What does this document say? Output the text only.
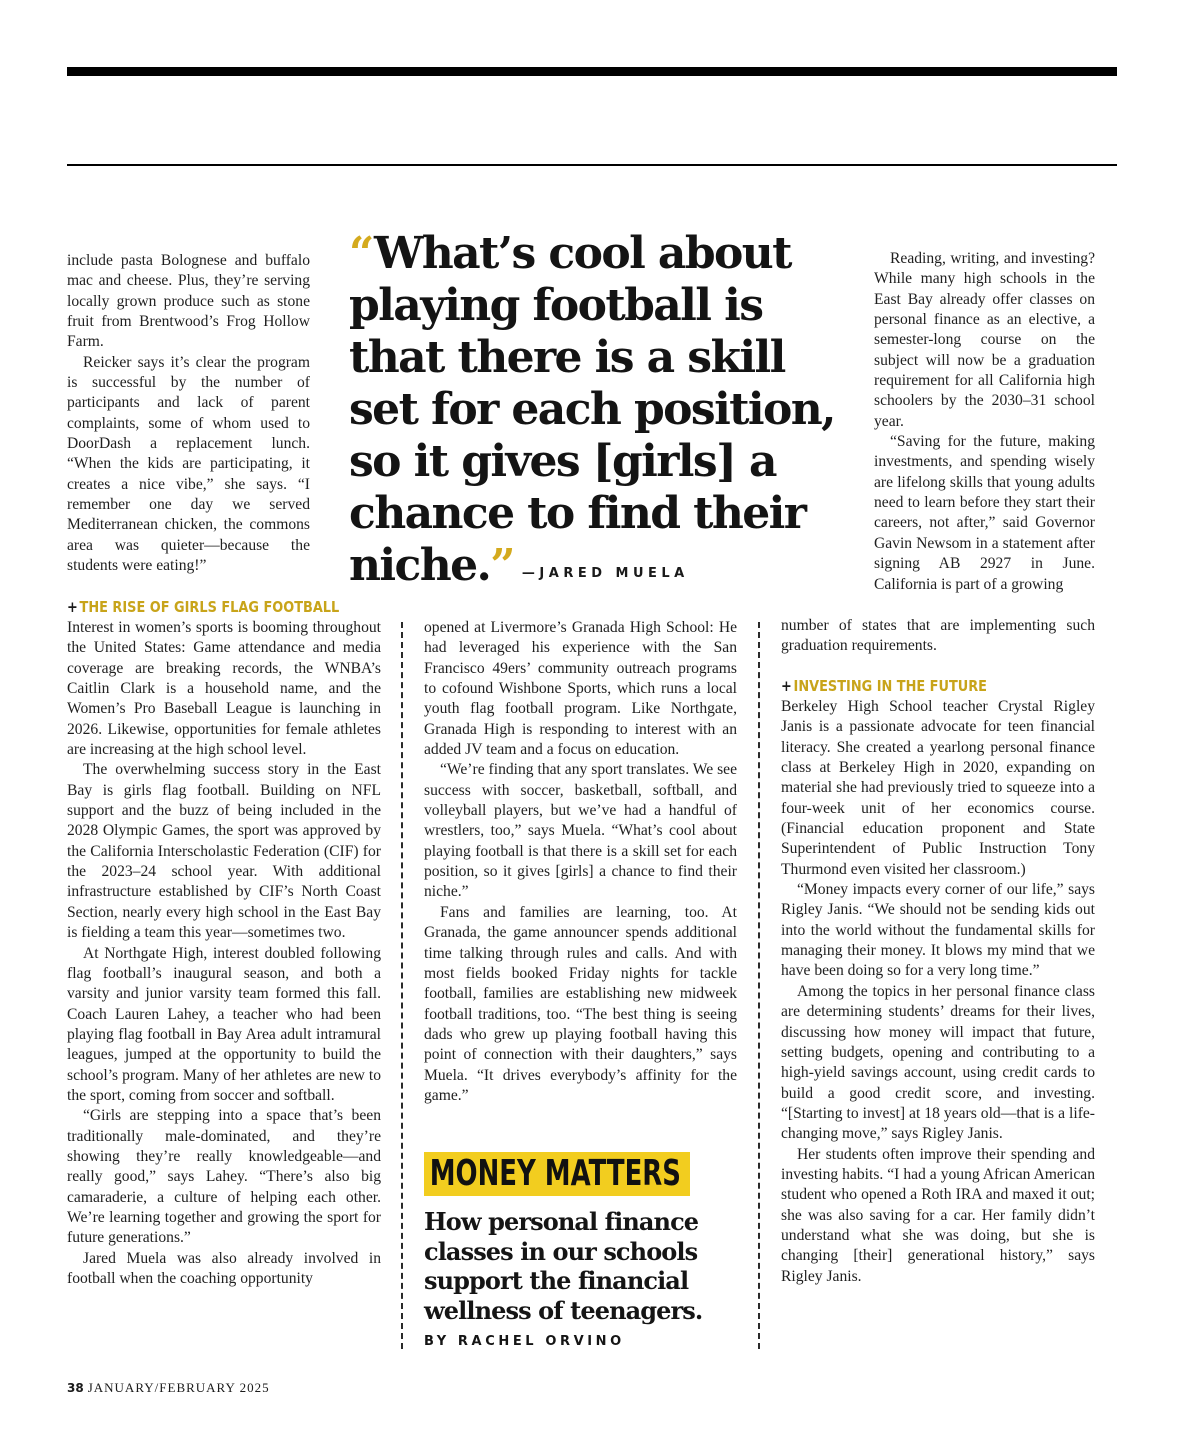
include pasta Bolognese and buffalo mac and cheese. Plus, they’re serving locally grown produce such as stone fruit from Brentwood’s Frog Hollow Farm.

Reicker says it’s clear the program is successful by the number of participants and lack of parent complaints, some of whom used to DoorDash a replacement lunch. “When the kids are participating, it creates a nice vibe,” she says. “I remember one day we served Mediterranean chicken, the commons area was quieter—because the students were eating!”

“What’s cool about playing football is that there is a skill set for each position, so it gives [girls] a chance to find their niche.” —JARED MUELA

Reading, writing, and investing? While many high schools in the East Bay already offer classes on personal finance as an elective, a semester-long course on the subject will now be a graduation requirement for all California high schoolers by the 2030–31 school year.

“Saving for the future, making investments, and spending wisely are lifelong skills that young adults need to learn before they start their careers, not after,” said Governor Gavin Newsom in a statement after signing AB 2927 in June. California is part of a growing

number of states that are implementing such graduation requirements.

+ THE RISE OF GIRLS FLAG FOOTBALL

+ INVESTING IN THE FUTURE

Interest in women’s sports is booming throughout the United States: Game attendance and media coverage are breaking records, the WNBA’s Caitlin Clark is a household name, and the Women’s Pro Baseball League is launching in 2026. Likewise, opportunities for female athletes are increasing at the high school level.

The overwhelming success story in the East Bay is girls flag football. Building on NFL support and the buzz of being included in the 2028 Olympic Games, the sport was approved by the California Interscholastic Federation (CIF) for the 2023–24 school year. With additional infrastructure established by CIF’s North Coast Section, nearly every high school in the East Bay is fielding a team this year—sometimes two.

At Northgate High, interest doubled following flag football’s inaugural season, and both a varsity and junior varsity team formed this fall. Coach Lauren Lahey, a teacher who had been playing flag football in Bay Area adult intramural leagues, jumped at the opportunity to build the school’s program. Many of her athletes are new to the sport, coming from soccer and softball.

“Girls are stepping into a space that’s been traditionally male-dominated, and they’re showing they’re really knowledgeable—and really good,” says Lahey. “There’s also big camaraderie, a culture of helping each other. We’re learning together and growing the sport for future generations.”

Jared Muela was also already involved in football when the coaching opportunity

opened at Livermore’s Granada High School: He had leveraged his experience with the San Francisco 49ers’ community outreach programs to cofound Wishbone Sports, which runs a local youth flag football program. Like Northgate, Granada High is responding to interest with an added JV team and a focus on education.

“We’re finding that any sport translates. We see success with soccer, basketball, softball, and volleyball players, but we’ve had a handful of wrestlers, too,” says Muela. “What’s cool about playing football is that there is a skill set for each position, so it gives [girls] a chance to find their niche.”

Fans and families are learning, too. At Granada, the game announcer spends additional time talking through rules and calls. And with most fields booked Friday nights for tackle football, families are establishing new midweek football traditions, too. “The best thing is seeing dads who grew up playing football having this point of connection with their daughters,” says Muela. “It drives everybody’s affinity for the game.”

MONEY MATTERS

How personal finance classes in our schools support the financial wellness of teenagers.

BY RACHEL ORVINO

Berkeley High School teacher Crystal Rigley Janis is a passionate advocate for teen financial literacy. She created a yearlong personal finance class at Berkeley High in 2020, expanding on material she had previously tried to squeeze into a four-week unit of her economics course. (Financial education proponent and State Superintendent of Public Instruction Tony Thurmond even visited her classroom.)

“Money impacts every corner of our life,” says Rigley Janis. “We should not be sending kids out into the world without the fundamental skills for managing their money. It blows my mind that we have been doing so for a very long time.”

Among the topics in her personal finance class are determining students’ dreams for their lives, discussing how money will impact that future, setting budgets, opening and contributing to a high-yield savings account, using credit cards to build a good credit score, and investing. “[Starting to invest] at 18 years old—that is a life-changing move,” says Rigley Janis.

Her students often improve their spending and investing habits. “I had a young African American student who opened a Roth IRA and maxed it out; she was also saving for a car. Her family didn’t understand what she was doing, but she is changing [their] generational history,” says Rigley Janis.

38 JANUARY/FEBRUARY 2025
